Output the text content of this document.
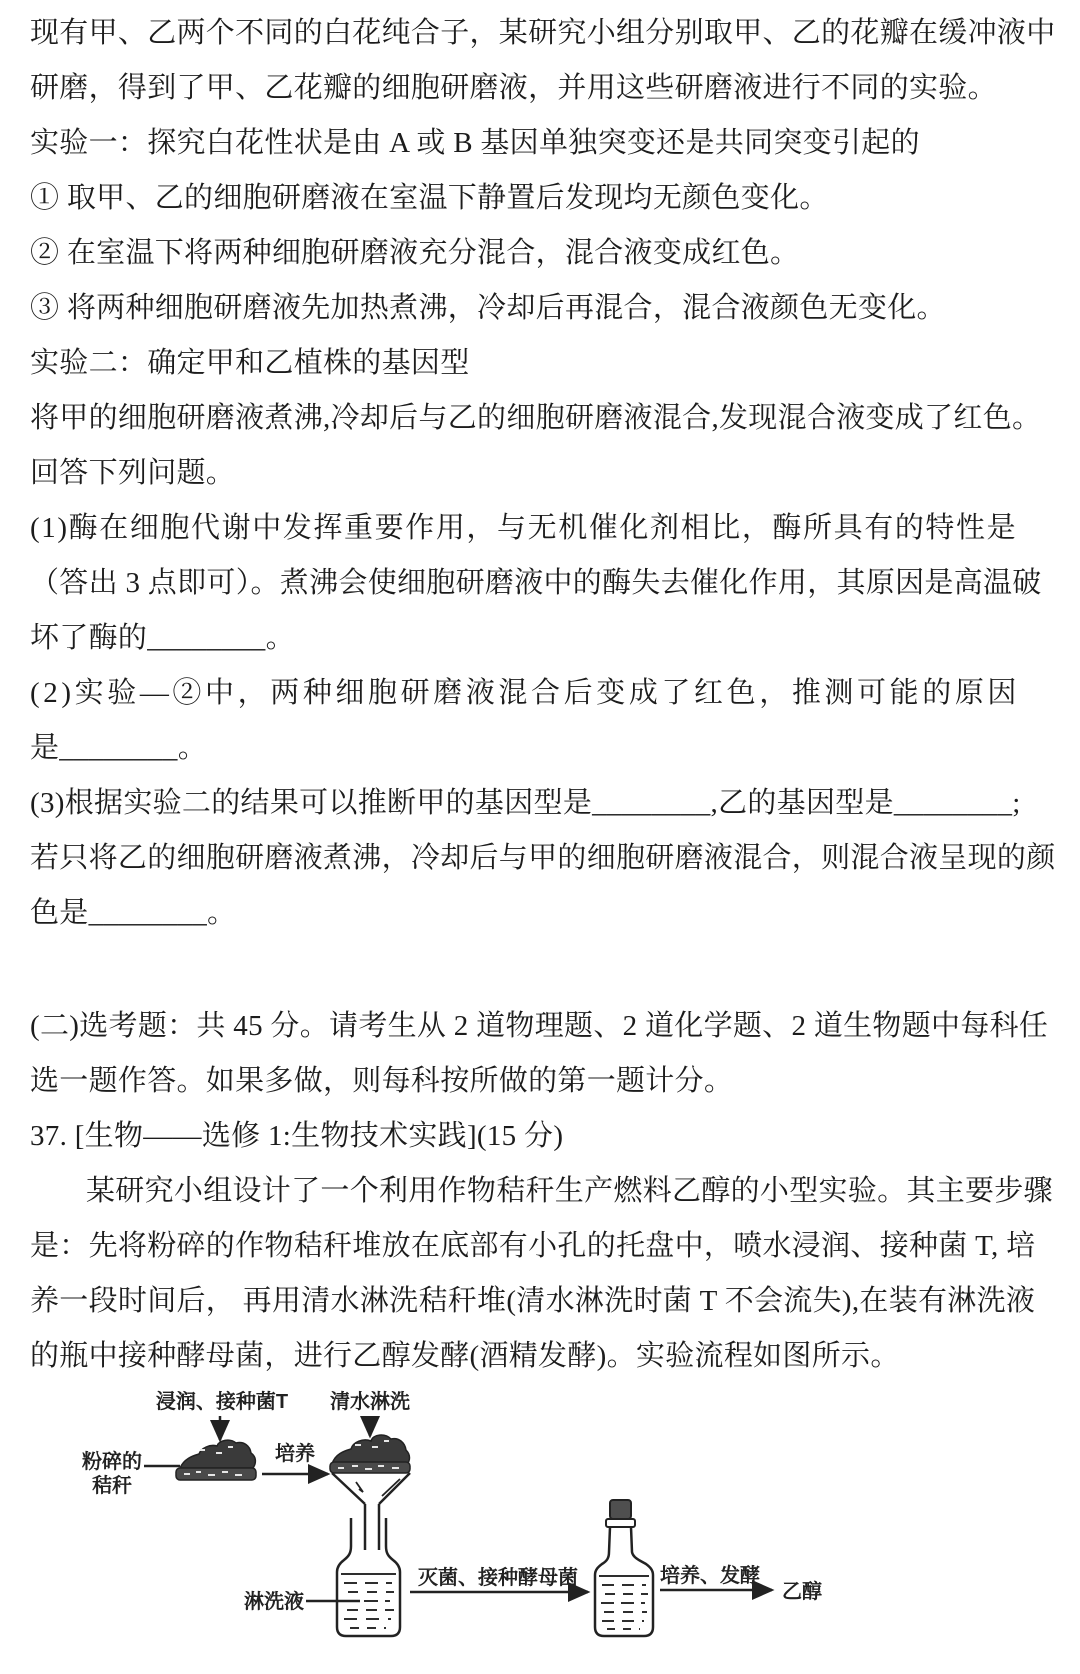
现有甲、乙两个不同的白花纯合子，某研究小组分别取甲、乙的花瓣在缓冲液中
研磨，得到了甲、乙花瓣的细胞研磨液，并用这些研磨液进行不同的实验。
实验一：探究白花性状是由 A 或 B 基因单独突变还是共同突变引起的
① 取甲、乙的细胞研磨液在室温下静置后发现均无颜色变化。
② 在室温下将两种细胞研磨液充分混合，混合液变成红色。
③ 将两种细胞研磨液先加热煮沸，冷却后再混合，混合液颜色无变化。
实验二：确定甲和乙植株的基因型
将甲的细胞研磨液煮沸,冷却后与乙的细胞研磨液混合,发现混合液变成了红色。
回答下列问题。
(1)酶在细胞代谢中发挥重要作用，与无机催化剂相比，酶所具有的特性是
（答出 3 点即可）。煮沸会使细胞研磨液中的酶失去催化作用，其原因是高温破
坏了酶的________。
(2)实验—②中，两种细胞研磨液混合后变成了红色，推测可能的原因
是________。
(3)根据实验二的结果可以推断甲的基因型是________,乙的基因型是________;
若只将乙的细胞研磨液煮沸，冷却后与甲的细胞研磨液混合，则混合液呈现的颜
色是________。
(二)选考题：共 45 分。请考生从 2 道物理题、2 道化学题、2 道生物题中每科任
选一题作答。如果多做，则每科按所做的第一题计分。
37. [生物——选修 1:生物技术实践](15 分)
某研究小组设计了一个利用作物秸秆生产燃料乙醇的小型实验。其主要步骤
是：先将粉碎的作物秸秆堆放在底部有小孔的托盘中，喷水浸润、接种菌 T, 培
养一段时间后， 再用清水淋洗秸秆堆(清水淋洗时菌 T 不会流失),在装有淋洗液
的瓶中接种酵母菌，进行乙醇发酵(酒精发酵)。实验流程如图所示。
浸润、接种菌T 清水淋洗
粉碎的
秸秆
培养
淋洗液
灭菌、接种酵母菌	培养、发酵
乙醇
